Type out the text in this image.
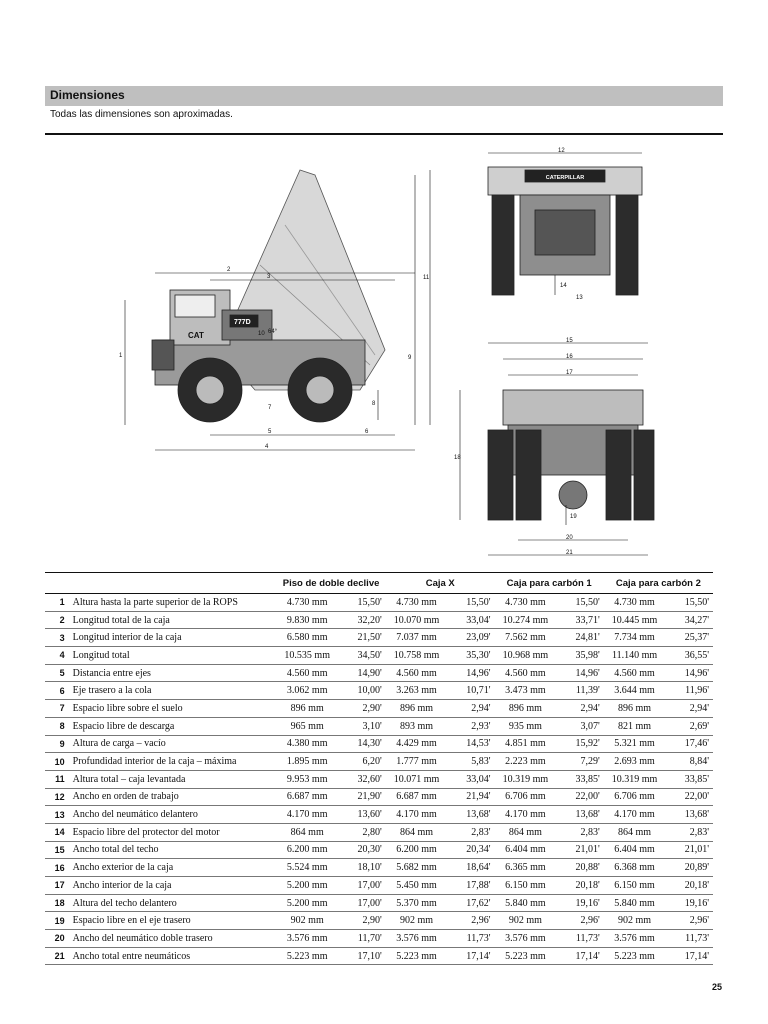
Dimensiones
Todas las dimensiones son aproximadas.
CAT
777D
64°
2
3
5	6
4
1
7
8
9
10
11
CATERPILLAR
12
14
13
15
16
17
18
19
20
21
		Piso de doble declive		Caja X		Caja para carbón 1		Caja para carbón 2	
1	Altura hasta la parte superior de la ROPS	4.730 mm	15,50'	4.730 mm	15,50'	4.730 mm	15,50'	4.730 mm	15,50'
2	Longitud total de la caja	9.830 mm	32,20'	10.070 mm	33,04'	10.274 mm	33,71'	10.445 mm	34,27'
3	Longitud interior de la caja	6.580 mm	21,50'	7.037 mm	23,09'	7.562 mm	24,81'	7.734 mm	25,37'
4	Longitud total	10.535 mm	34,50'	10.758 mm	35,30'	10.968 mm	35,98'	11.140 mm	36,55'
5	Distancia entre ejes	4.560 mm	14,90'	4.560 mm	14,96'	4.560 mm	14,96'	4.560 mm	14,96'
6	Eje trasero a la cola	3.062 mm	10,00'	3.263 mm	10,71'	3.473 mm	11,39'	3.644 mm	11,96'
7	Espacio libre sobre el suelo	896 mm	2,90'	896 mm	2,94'	896 mm	2,94'	896 mm	2,94'
8	Espacio libre de descarga	965 mm	3,10'	893 mm	2,93'	935 mm	3,07'	821 mm	2,69'
9	Altura de carga – vacío	4.380 mm	14,30'	4.429 mm	14,53'	4.851 mm	15,92'	5.321 mm	17,46'
10	Profundidad interior de la caja – máxima	1.895 mm	6,20'	1.777 mm	5,83'	2.223 mm	7,29'	2.693 mm	8,84'
11	Altura total – caja levantada	9.953 mm	32,60'	10.071 mm	33,04'	10.319 mm	33,85'	10.319 mm	33,85'
12	Ancho en orden de trabajo	6.687 mm	21,90'	6.687 mm	21,94'	6.706 mm	22,00'	6.706 mm	22,00'
13	Ancho del neumático delantero	4.170 mm	13,60'	4.170 mm	13,68'	4.170 mm	13,68'	4.170 mm	13,68'
14	Espacio libre del protector del motor	864 mm	2,80'	864 mm	2,83'	864 mm	2,83'	864 mm	2,83'
15	Ancho total del techo	6.200 mm	20,30'	6.200 mm	20,34'	6.404 mm	21,01'	6.404 mm	21,01'
16	Ancho exterior de la caja	5.524 mm	18,10'	5.682 mm	18,64'	6.365 mm	20,88'	6.368 mm	20,89'
17	Ancho interior de la caja	5.200 mm	17,00'	5.450 mm	17,88'	6.150 mm	20,18'	6.150 mm	20,18'
18	Altura del techo delantero	5.200 mm	17,00'	5.370 mm	17,62'	5.840 mm	19,16'	5.840 mm	19,16'
19	Espacio libre en el eje trasero	902 mm	2,90'	902 mm	2,96'	902 mm	2,96'	902 mm	2,96'
20	Ancho del neumático doble trasero	3.576 mm	11,70'	3.576 mm	11,73'	3.576 mm	11,73'	3.576 mm	11,73'
21	Ancho total entre neumáticos	5.223 mm	17,10'	5.223 mm	17,14'	5.223 mm	17,14'	5.223 mm	17,14'
25
